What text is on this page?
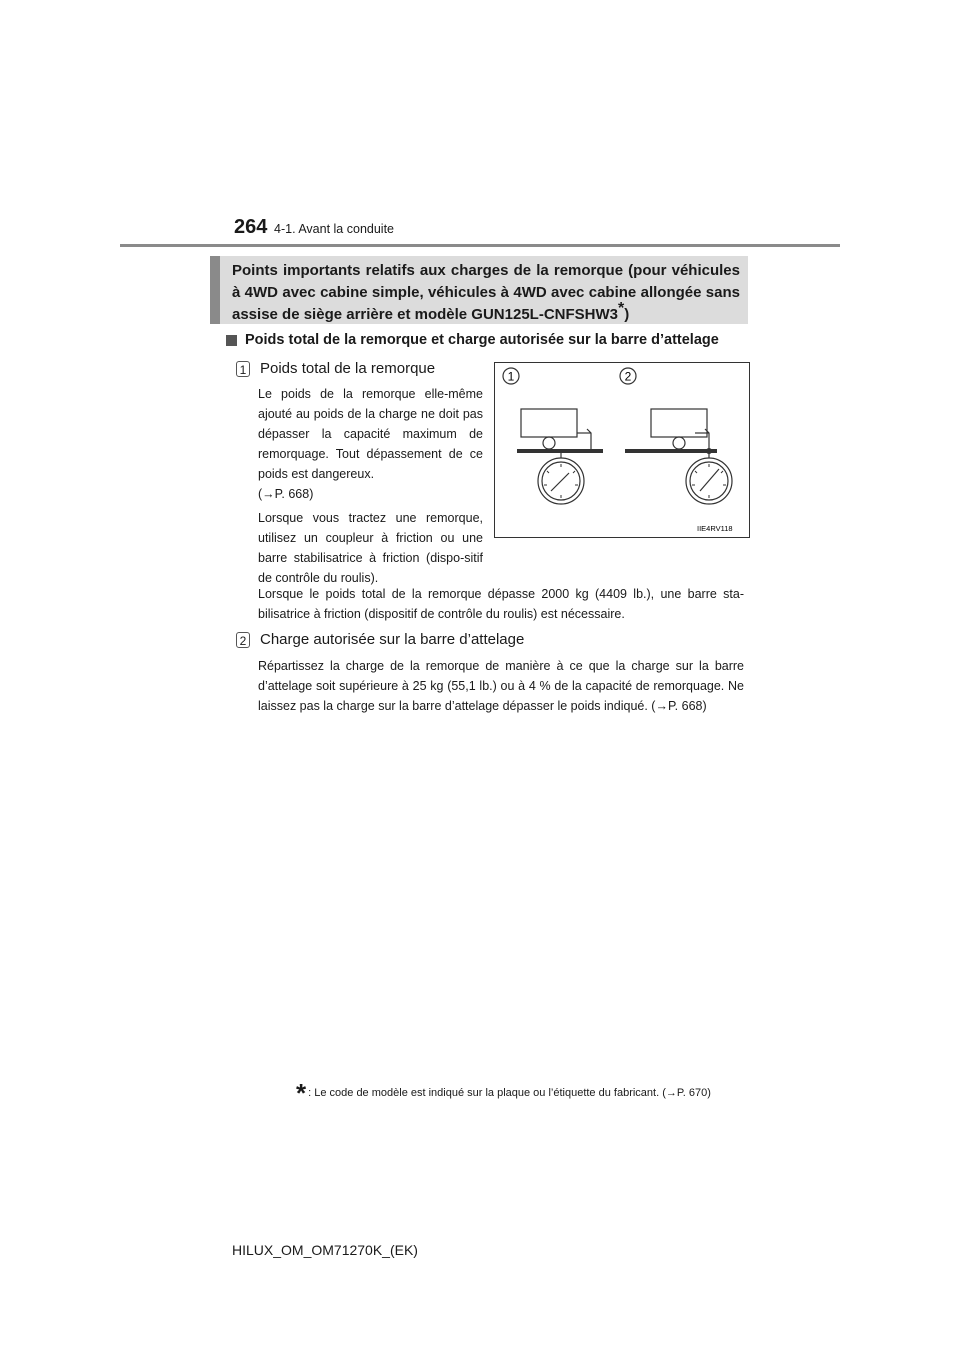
264 4-1. Avant la conduite
Points importants relatifs aux charges de la remorque (pour véhicules à 4WD avec cabine simple, véhicules à 4WD avec cabine allongée sans assise de siège arrière et modèle GUN125L-CNFSHW3*)
Poids total de la remorque et charge autorisée sur la barre d’attelage
1 Poids total de la remorque

Le poids de la remorque elle-même ajouté au poids de la charge ne doit pas dépasser la capacité maximum de remorquage. Tout dépassement de ce poids est dangereux.

(→P. 668)

Lorsque vous tractez une remorque, utilisez un coupleur à friction ou une barre stabilisatrice à friction (dispo-sitif de contrôle du roulis).

Lorsque le poids total de la remorque dépasse 2000 kg (4409 lb.), une barre sta-bilisatrice à friction (dispositif de contrôle du roulis) est nécessaire.

1	2
IIE4RV118
2 Charge autorisée sur la barre d’attelage

Répartissez la charge de la remorque de manière à ce que la charge sur la barre d’attelage soit supérieure à 25 kg (55,1 lb.) ou à 4 % de la capacité de remorquage. Ne laissez pas la charge sur la barre d’attelage dépasser le poids indiqué. (→P. 668)

* : Le code de modèle est indiqué sur la plaque ou l’étiquette du fabricant. (→P. 670)
HILUX_OM_OM71270K_(EK)
